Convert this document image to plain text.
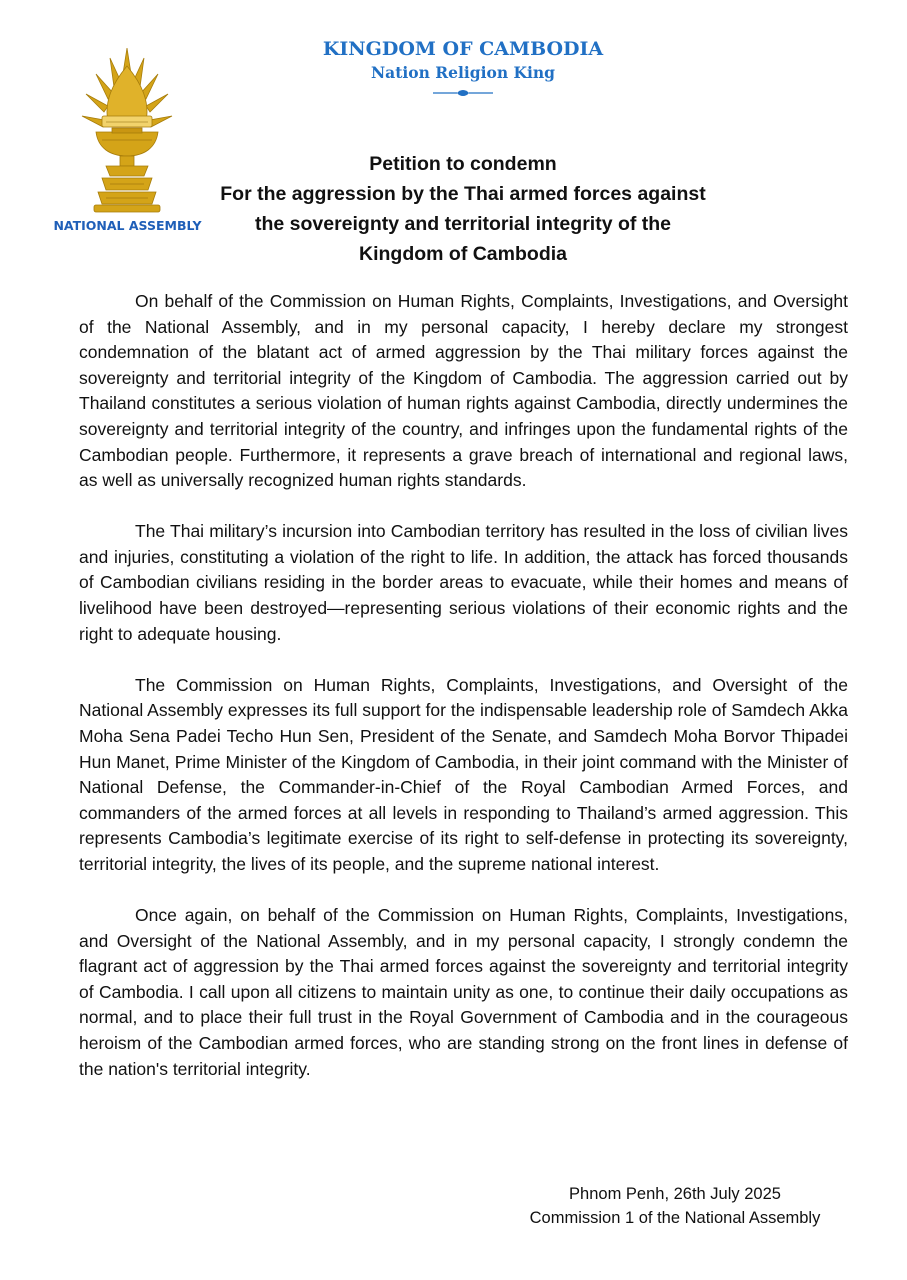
NATIONAL ASSEMBLY
KINGDOM OF CAMBODIA
Nation Religion King
Petition to condemn
For the aggression by the Thai armed forces against
the sovereignty and territorial integrity of the
Kingdom of Cambodia

On behalf of the Commission on Human Rights, Complaints, Investigations, and Oversight of the National Assembly, and in my personal capacity, I hereby declare my strongest condemnation of the blatant act of armed aggression by the Thai military forces against the sovereignty and territorial integrity of the Kingdom of Cambodia. The aggression carried out by Thailand constitutes a serious violation of human rights against Cambodia, directly undermines the sovereignty and territorial integrity of the country, and infringes upon the fundamental rights of the Cambodian people. Furthermore, it represents a grave breach of international and regional laws, as well as universally recognized human rights standards.

The Thai military’s incursion into Cambodian territory has resulted in the loss of civilian lives and injuries, constituting a violation of the right to life. In addition, the attack has forced thousands of Cambodian civilians residing in the border areas to evacuate, while their homes and means of livelihood have been destroyed—representing serious violations of their economic rights and the right to adequate housing.

The Commission on Human Rights, Complaints, Investigations, and Oversight of the National Assembly expresses its full support for the indispensable leadership role of Samdech Akka Moha Sena Padei Techo Hun Sen, President of the Senate, and Samdech Moha Borvor Thipadei Hun Manet, Prime Minister of the Kingdom of Cambodia, in their joint command with the Minister of National Defense, the Commander-in-Chief of the Royal Cambodian Armed Forces, and commanders of the armed forces at all levels in responding to Thailand’s armed aggression. This represents Cambodia’s legitimate exercise of its right to self-defense in protecting its sovereignty, territorial integrity, the lives of its people, and the supreme national interest.

Once again, on behalf of the Commission on Human Rights, Complaints, Investigations, and Oversight of the National Assembly, and in my personal capacity, I strongly condemn the flagrant act of aggression by the Thai armed forces against the sovereignty and territorial integrity of Cambodia. I call upon all citizens to maintain unity as one, to continue their daily occupations as normal, and to place their full trust in the Royal Government of Cambodia and in the courageous heroism of the Cambodian armed forces, who are standing strong on the front lines in defense of the nation's territorial integrity.

Phnom Penh, 26th July 2025
Commission 1 of the National Assembly
